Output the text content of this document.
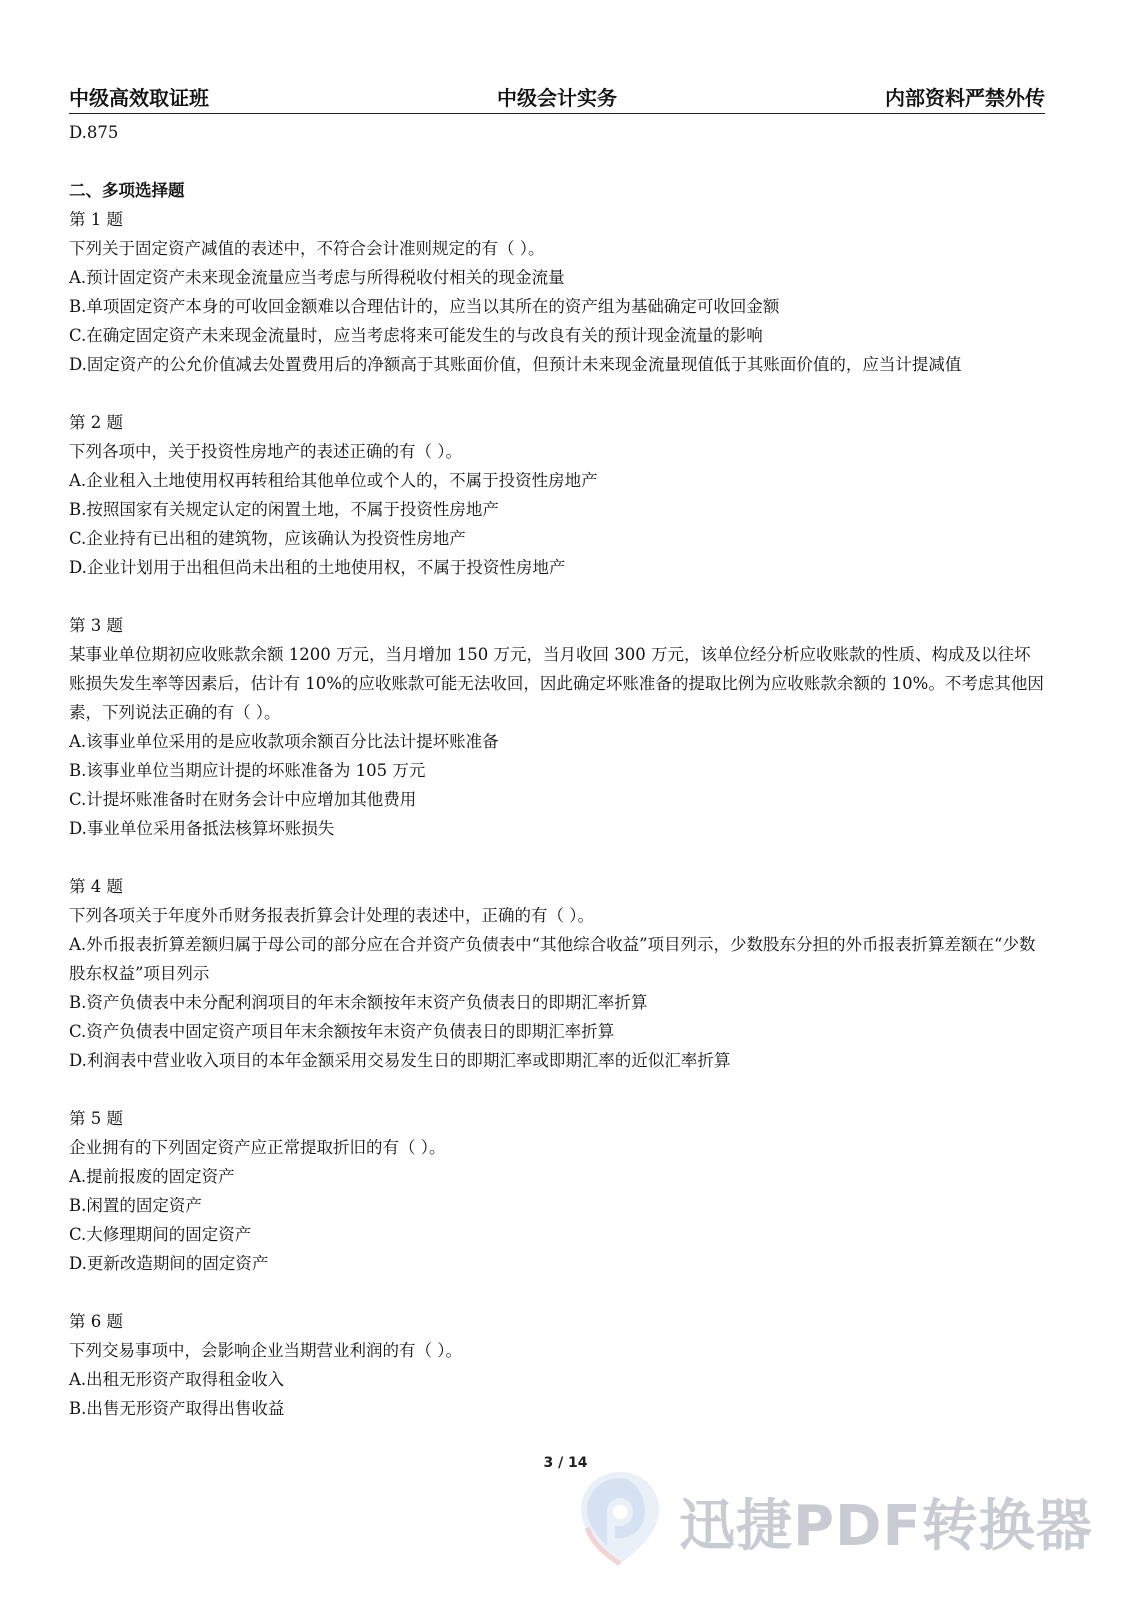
中级高效取证班	中级会计实务	内部资料严禁外传
D.875
二、多项选择题
第 1 题
下列关于固定资产减值的表述中，不符合会计准则规定的有（ ）。
A.预计固定资产未来现金流量应当考虑与所得税收付相关的现金流量
B.单项固定资产本身的可收回金额难以合理估计的，应当以其所在的资产组为基础确定可收回金额
C.在确定固定资产未来现金流量时，应当考虑将来可能发生的与改良有关的预计现金流量的影响
D.固定资产的公允价值减去处置费用后的净额高于其账面价值，但预计未来现金流量现值低于其账面价值的，应当计提减值
第 2 题
下列各项中，关于投资性房地产的表述正确的有（ ）。
A.企业租入土地使用权再转租给其他单位或个人的，不属于投资性房地产
B.按照国家有关规定认定的闲置土地，不属于投资性房地产
C.企业持有已出租的建筑物，应该确认为投资性房地产
D.企业计划用于出租但尚未出租的土地使用权，不属于投资性房地产
第 3 题
某事业单位期初应收账款余额 1200 万元，当月增加 150 万元，当月收回 300 万元，该单位经分析应收账款的性质、构成及以往坏账损失发生率等因素后，估计有 10%的应收账款可能无法收回，因此确定坏账准备的提取比例为应收账款余额的 10%。不考虑其他因素，下列说法正确的有（ ）。
A.该事业单位采用的是应收款项余额百分比法计提坏账准备
B.该事业单位当期应计提的坏账准备为 105 万元
C.计提坏账准备时在财务会计中应增加其他费用
D.事业单位采用备抵法核算坏账损失
第 4 题
下列各项关于年度外币财务报表折算会计处理的表述中，正确的有（ ）。
A.外币报表折算差额归属于母公司的部分应在合并资产负债表中“其他综合收益”项目列示，少数股东分担的外币报表折算差额在“少数股东权益”项目列示
B.资产负债表中未分配利润项目的年末余额按年末资产负债表日的即期汇率折算
C.资产负债表中固定资产项目年末余额按年末资产负债表日的即期汇率折算
D.利润表中营业收入项目的本年金额采用交易发生日的即期汇率或即期汇率的近似汇率折算
第 5 题
企业拥有的下列固定资产应正常提取折旧的有（ ）。
A.提前报废的固定资产
B.闲置的固定资产
C.大修理期间的固定资产
D.更新改造期间的固定资产
第 6 题
下列交易事项中，会影响企业当期营业利润的有（ ）。
A.出租无形资产取得租金收入
B.出售无形资产取得出售收益
3 / 14
迅捷PDF转换器
